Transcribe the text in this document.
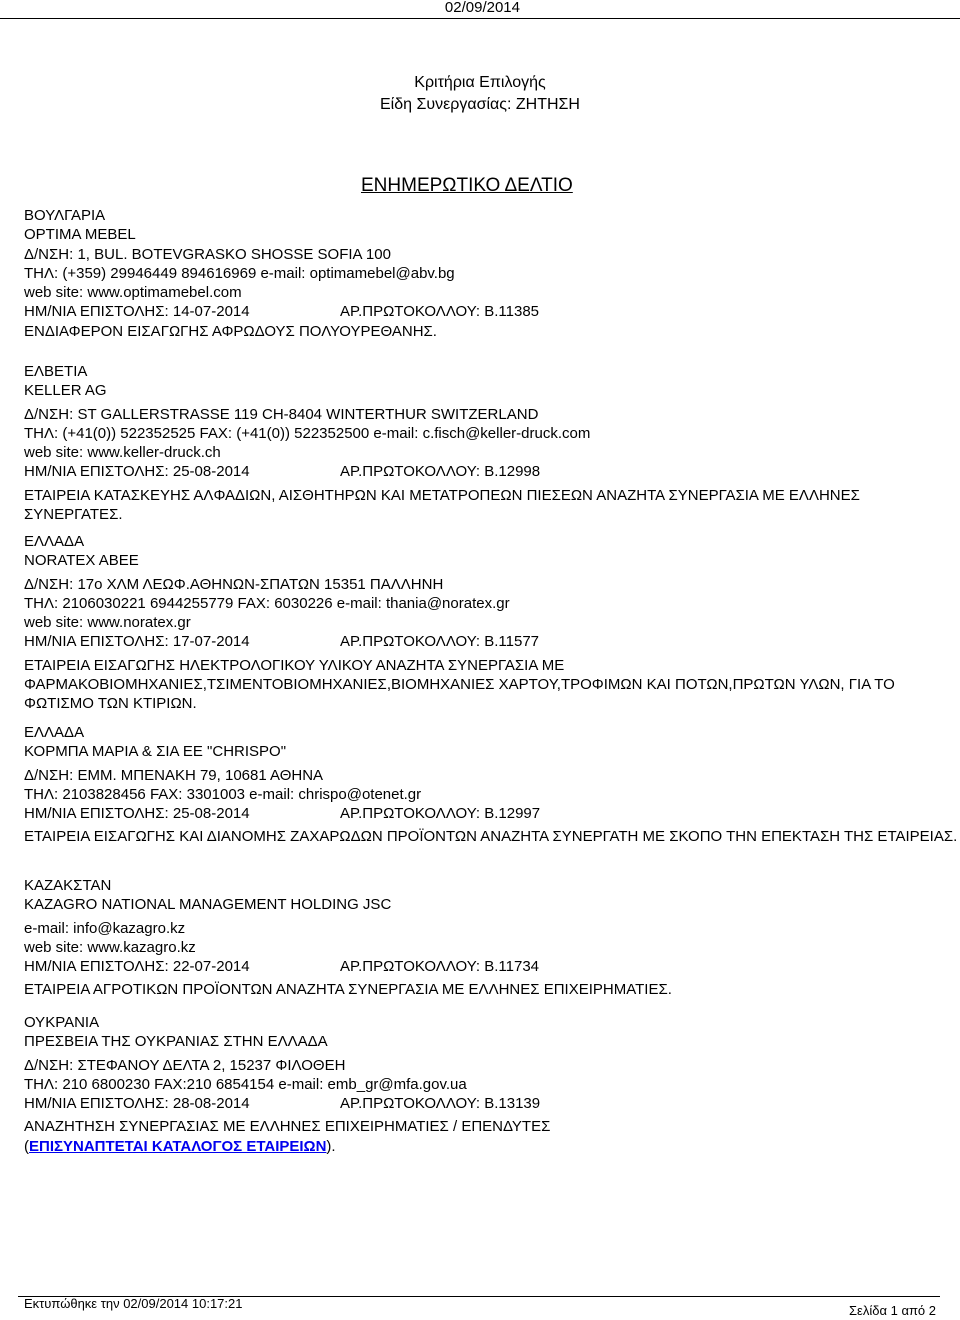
02/09/2014
Κριτήρια Επιλογής
Είδη Συνεργασίας: ΖΗΤΗΣΗ
ΕΝΗΜΕΡΩΤΙΚΟ ΔΕΛΤΙΟ
ΒΟΥΛΓΑΡΙΑ
OPTIMA MEBEL
Δ/ΝΣΗ: 1, BUL. BOTEVGRASKO SHOSSE SOFIA 100
ΤΗΛ: (+359) 29946449 894616969 e-mail: optimamebel@abv.bg
web site: www.optimamebel.com
ΗΜ/ΝΙΑ ΕΠΙΣΤΟΛΗΣ: 14-07-2014	ΑΡ.ΠΡΩΤΟΚΟΛΛΟΥ: Β.11385
ΕΝΔΙΑΦΕΡΟΝ ΕΙΣΑΓΩΓΗΣ ΑΦΡΩΔΟΥΣ ΠΟΛΥΟΥΡΕΘΑΝΗΣ.
ΕΛΒΕΤΙΑ
KELLER AG
Δ/ΝΣΗ: ST GALLERSTRASSE 119 CH-8404 WINTERTHUR SWITZERLAND
ΤΗΛ: (+41(0)) 522352525 FAX: (+41(0)) 522352500 e-mail: c.fisch@keller-druck.com
web site: www.keller-druck.ch
ΗΜ/ΝΙΑ ΕΠΙΣΤΟΛΗΣ: 25-08-2014	ΑΡ.ΠΡΩΤΟΚΟΛΛΟΥ: Β.12998
ΕΤΑΙΡΕΙΑ ΚΑΤΑΣΚΕΥΗΣ ΑΛΦΑΔΙΩΝ, ΑΙΣΘΗΤΗΡΩΝ ΚΑΙ ΜΕΤΑΤΡΟΠΕΩΝ ΠΙΕΣΕΩΝ ΑΝΑΖΗΤΑ ΣΥΝΕΡΓΑΣΙΑ ΜΕ ΕΛΛΗΝΕΣ ΣΥΝΕΡΓΑΤΕΣ.
ΕΛΛΑΔΑ
NORATEX ABEE
Δ/ΝΣΗ: 17ο ΧΛΜ ΛΕΩΦ.ΑΘΗΝΩΝ-ΣΠΑΤΩΝ 15351 ΠΑΛΛΗΝΗ
ΤΗΛ: 2106030221 6944255779 FAX: 6030226 e-mail: thania@noratex.gr
web site: www.noratex.gr
ΗΜ/ΝΙΑ ΕΠΙΣΤΟΛΗΣ: 17-07-2014	ΑΡ.ΠΡΩΤΟΚΟΛΛΟΥ: Β.11577
ΕΤΑΙΡΕΙΑ ΕΙΣΑΓΩΓΗΣ ΗΛΕΚΤΡΟΛΟΓΙΚΟΥ ΥΛΙΚΟΥ ΑΝΑΖΗΤΑ ΣΥΝΕΡΓΑΣΙΑ ΜΕ ΦΑΡΜΑΚΟΒΙΟΜΗΧΑΝΙΕΣ,ΤΣΙΜΕΝΤΟΒΙΟΜΗΧΑΝΙΕΣ,ΒΙΟΜΗΧΑΝΙΕΣ ΧΑΡΤΟΥ,ΤΡΟΦΙΜΩΝ ΚΑΙ ΠΟΤΩΝ,ΠΡΩΤΩΝ ΥΛΩΝ, ΓΙΑ ΤΟ ΦΩΤΙΣΜΟ ΤΩΝ ΚΤΙΡΙΩΝ.
ΕΛΛΑΔΑ
ΚΟΡΜΠΑ ΜΑΡΙΑ & ΣΙΑ ΕΕ "CHRISPO"
Δ/ΝΣΗ: ΕΜΜ. ΜΠΕΝΑΚΗ 79, 10681 ΑΘΗΝΑ
ΤΗΛ: 2103828456 FAX: 3301003 e-mail: chrispo@otenet.gr
ΗΜ/ΝΙΑ ΕΠΙΣΤΟΛΗΣ: 25-08-2014	ΑΡ.ΠΡΩΤΟΚΟΛΛΟΥ: Β.12997
ΕΤΑΙΡΕΙΑ ΕΙΣΑΓΩΓΗΣ ΚΑΙ ΔΙΑΝΟΜΗΣ ΖΑΧΑΡΩΔΩΝ ΠΡΟΪΟΝΤΩΝ ΑΝΑΖΗΤΑ ΣΥΝΕΡΓΑΤΗ ΜΕ ΣΚΟΠΟ ΤΗΝ ΕΠΕΚΤΑΣΗ ΤΗΣ ΕΤΑΙΡΕΙΑΣ.
ΚΑΖΑΚΣΤΑΝ
KAZAGRO NATIONAL MANAGEMENT HOLDING JSC
e-mail: info@kazagro.kz
web site: www.kazagro.kz
ΗΜ/ΝΙΑ ΕΠΙΣΤΟΛΗΣ: 22-07-2014	ΑΡ.ΠΡΩΤΟΚΟΛΛΟΥ: Β.11734
ΕΤΑΙΡΕΙΑ ΑΓΡΟΤΙΚΩΝ ΠΡΟΪΟΝΤΩΝ ΑΝΑΖΗΤΑ ΣΥΝΕΡΓΑΣΙΑ ΜΕ ΕΛΛΗΝΕΣ ΕΠΙΧΕΙΡΗΜΑΤΙΕΣ.
ΟΥΚΡΑΝΙΑ
ΠΡΕΣΒΕΙΑ ΤΗΣ ΟΥΚΡΑΝΙΑΣ ΣΤΗΝ ΕΛΛΑΔΑ
Δ/ΝΣΗ: ΣΤΕΦΑΝΟΥ ΔΕΛΤΑ 2, 15237 ΦΙΛΟΘΕΗ
ΤΗΛ: 210 6800230 FAX:210 6854154 e-mail: emb_gr@mfa.gov.ua
ΗΜ/ΝΙΑ ΕΠΙΣΤΟΛΗΣ: 28-08-2014	ΑΡ.ΠΡΩΤΟΚΟΛΛΟΥ: Β.13139
ΑΝΑΖΗΤΗΣΗ ΣΥΝΕΡΓΑΣΙΑΣ ΜΕ ΕΛΛΗΝΕΣ ΕΠΙΧΕΙΡΗΜΑΤΙΕΣ / ΕΠΕΝΔΥΤΕΣ
(ΕΠΙΣΥΝΑΠΤΕΤΑΙ ΚΑΤΑΛΟΓΟΣ ΕΤΑΙΡΕΙΩΝ).
Εκτυπώθηκε την 02/09/2014 10:17:21	Σελίδα 1 από 2
